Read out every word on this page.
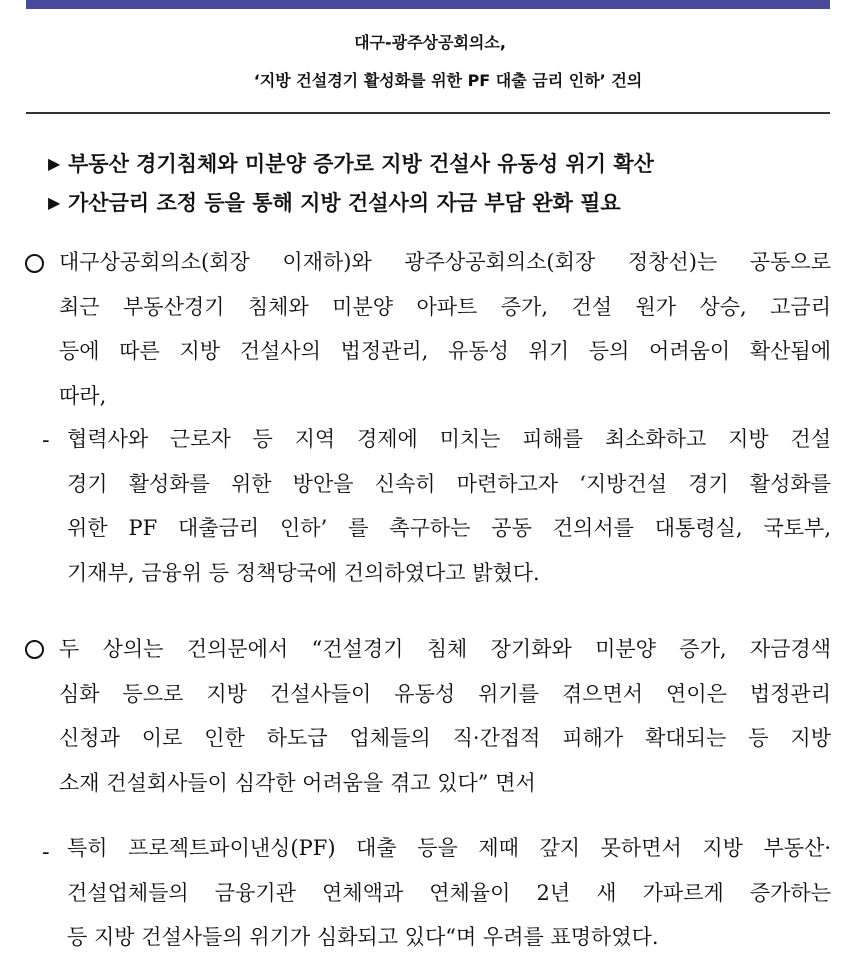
대구-광주상공회의소,
‘지방 건설경기 활성화를 위한 PF 대출 금리 인하’ 건의
▶ 부동산 경기침체와 미분양 증가로 지방 건설사 유동성 위기 확산
▶ 가산금리 조정 등을 통해 지방 건설사의 자금 부담 완화 필요
대구상공회의소(회장 이재하)와 광주상공회의소(회장 정창선)는 공동으로
최근 부동산경기 침체와 미분양 아파트 증가, 건설 원가 상승, 고금리
등에 따른 지방 건설사의 법정관리, 유동성 위기 등의 어려움이 확산됨에
따라,
- 협력사와 근로자 등 지역 경제에 미치는 피해를 최소화하고 지방 건설
경기 활성화를 위한 방안을 신속히 마련하고자 ‘지방건설 경기 활성화를
위한 PF 대출금리 인하’ 를 촉구하는 공동 건의서를 대통령실, 국토부,
기재부, 금융위 등 정책당국에 건의하였다고 밝혔다.
두 상의는 건의문에서 “건설경기 침체 장기화와 미분양 증가, 자금경색
심화 등으로 지방 건설사들이 유동성 위기를 겪으면서 연이은 법정관리
신청과 이로 인한 하도급 업체들의 직·간접적 피해가 확대되는 등 지방
소재 건설회사들이 심각한 어려움을 겪고 있다” 면서
- 특히 프로젝트파이낸싱(PF) 대출 등을 제때 갚지 못하면서 지방 부동산·
건설업체들의 금융기관 연체액과 연체율이 2년 새 가파르게 증가하는
등 지방 건설사들의 위기가 심화되고 있다“며 우려를 표명하였다.
